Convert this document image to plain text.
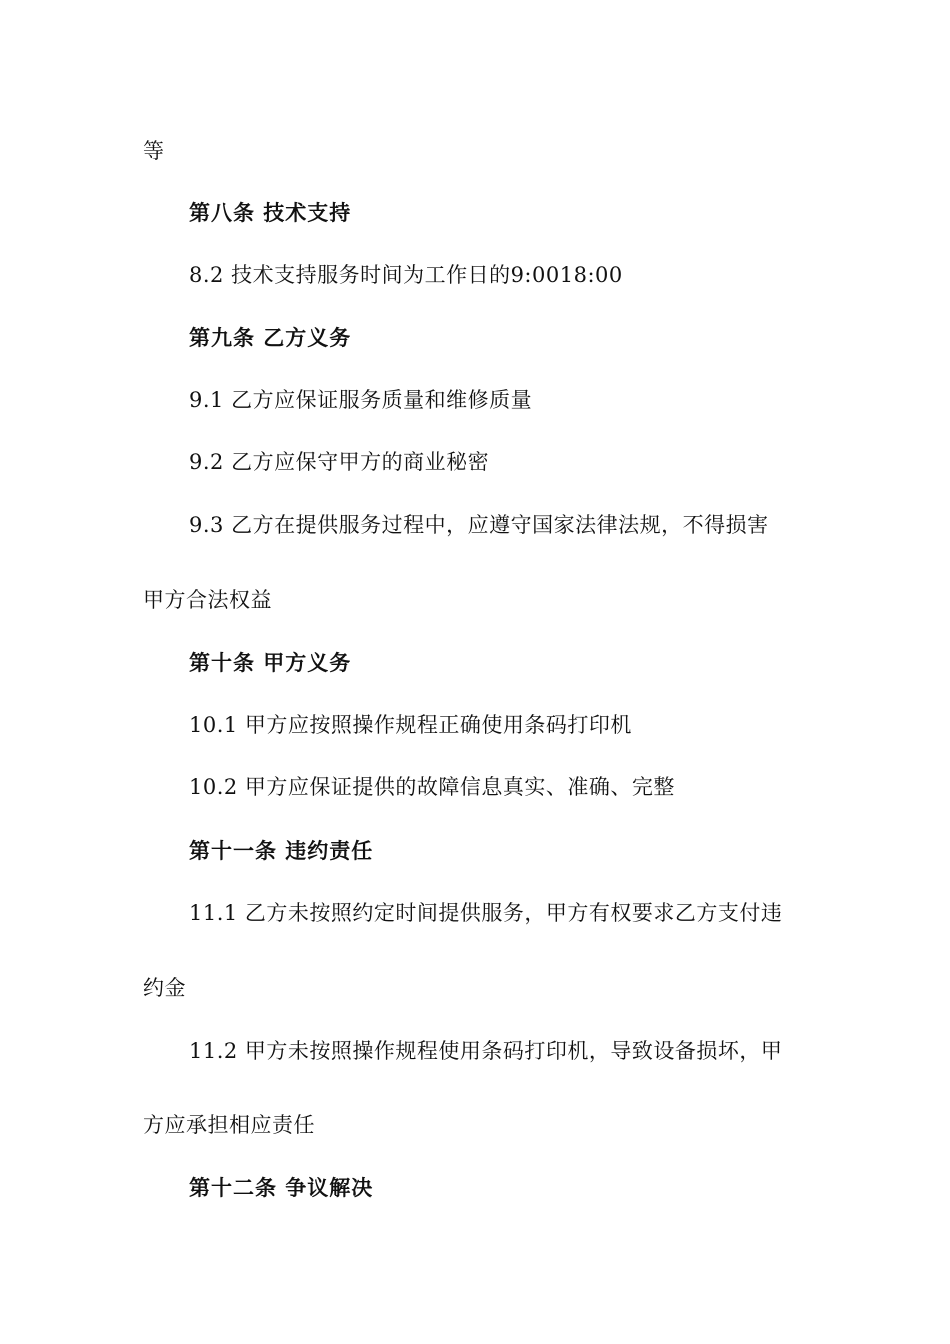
等
第八条 技术支持
8.2 技术支持服务时间为工作日的9:0018:00
第九条 乙方义务
9.1 乙方应保证服务质量和维修质量
9.2 乙方应保守甲方的商业秘密
9.3 乙方在提供服务过程中，应遵守国家法律法规，不得损害
甲方合法权益
第十条 甲方义务
10.1 甲方应按照操作规程正确使用条码打印机
10.2 甲方应保证提供的故障信息真实、准确、完整
第十一条 违约责任
11.1 乙方未按照约定时间提供服务，甲方有权要求乙方支付违
约金
11.2 甲方未按照操作规程使用条码打印机，导致设备损坏，甲
方应承担相应责任
第十二条 争议解决
